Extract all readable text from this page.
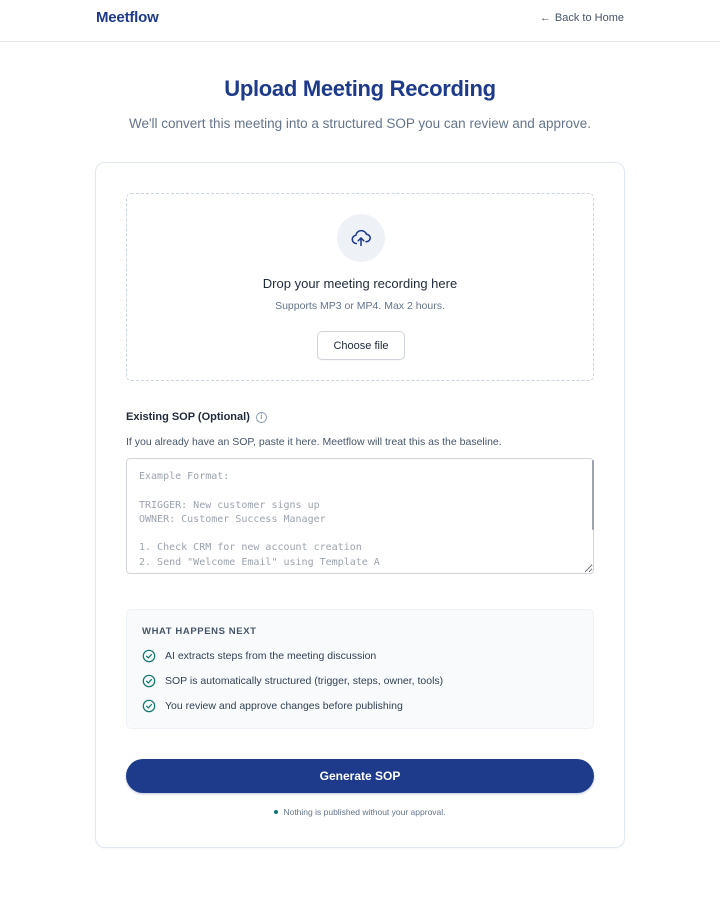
Meetflow	← Back to Home
Upload Meeting Recording

We'll convert this meeting into a structured SOP you can review and approve.

Drop your meeting recording here
Supports MP3 or MP4. Max 2 hours.
Choose file
Existing SOP (Optional)	i
If you already have an SOP, paste it here. Meetflow will treat this as the baseline.
Example Format: TRIGGER: New customer signs up OWNER: Customer Success Manager 1. Check CRM for new account creation 2. Send "Welcome Email" using Template A
WHAT HAPPENS NEXT
AI extracts steps from the meeting discussion
SOP is automatically structured (trigger, steps, owner, tools)
You review and approve changes before publishing
Generate SOP
Nothing is published without your approval.
